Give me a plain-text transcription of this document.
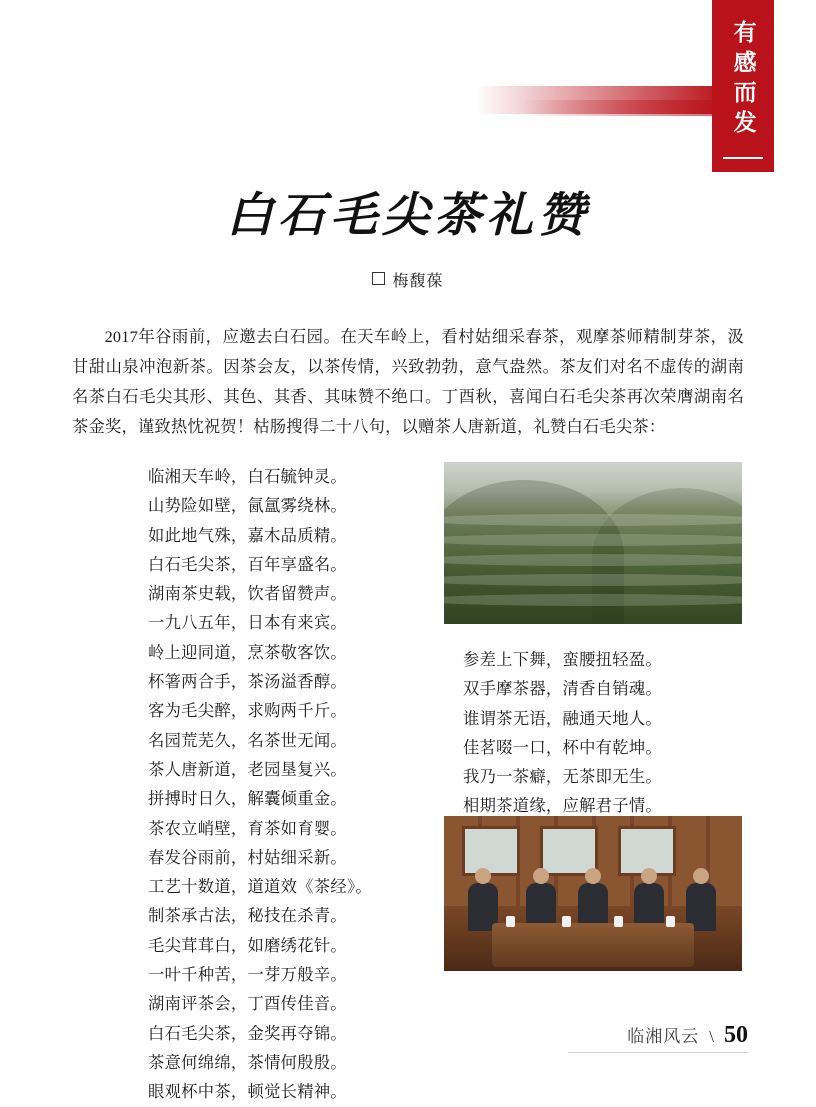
有感而发
白石毛尖茶礼赞
梅馥葆
2017年谷雨前，应邀去白石园。在天车岭上，看村姑细采春茶，观摩茶师精制芽茶，汲甘甜山泉冲泡新茶。因茶会友，以茶传情，兴致勃勃，意气盎然。茶友们对名不虚传的湖南名茶白石毛尖其形、其色、其香、其味赞不绝口。丁酉秋，喜闻白石毛尖茶再次荣膺湖南名茶金奖，谨致热忱祝贺！枯肠搜得二十八句，以赠茶人唐新道，礼赞白石毛尖茶：
临湘天车岭，白石毓钟灵。
山势险如壁，氤氲雾绕林。
如此地气殊，嘉木品质精。
白石毛尖茶，百年享盛名。
湖南茶史载，饮者留赞声。
一九八五年，日本有来宾。
岭上迎同道，烹茶敬客饮。
杯箸两合手，茶汤溢香醇。
客为毛尖醉，求购两千斤。
名园荒芜久，名茶世无闻。
茶人唐新道，老园垦复兴。
拼搏时日久，解囊倾重金。
茶农立峭壁，育茶如育婴。
春发谷雨前，村姑细采新。
工艺十数道，道道效《茶经》。
制茶承古法，秘技在杀青。
毛尖茸茸白，如磨绣花针。
一叶千种苦，一芽万般辛。
湖南评茶会，丁酉传佳音。
白石毛尖茶，金奖再夺锦。
茶意何绵绵，茶情何殷殷。
眼观杯中茶，顿觉长精神。
参差上下舞，蛮腰扭轻盈。
双手摩茶器，清香自销魂。
谁谓茶无语，融通天地人。
佳茗啜一口，杯中有乾坤。
我乃一茶癖，无茶即无生。
相期茶道缘，应解君子情。
临湘风云 \ 50
